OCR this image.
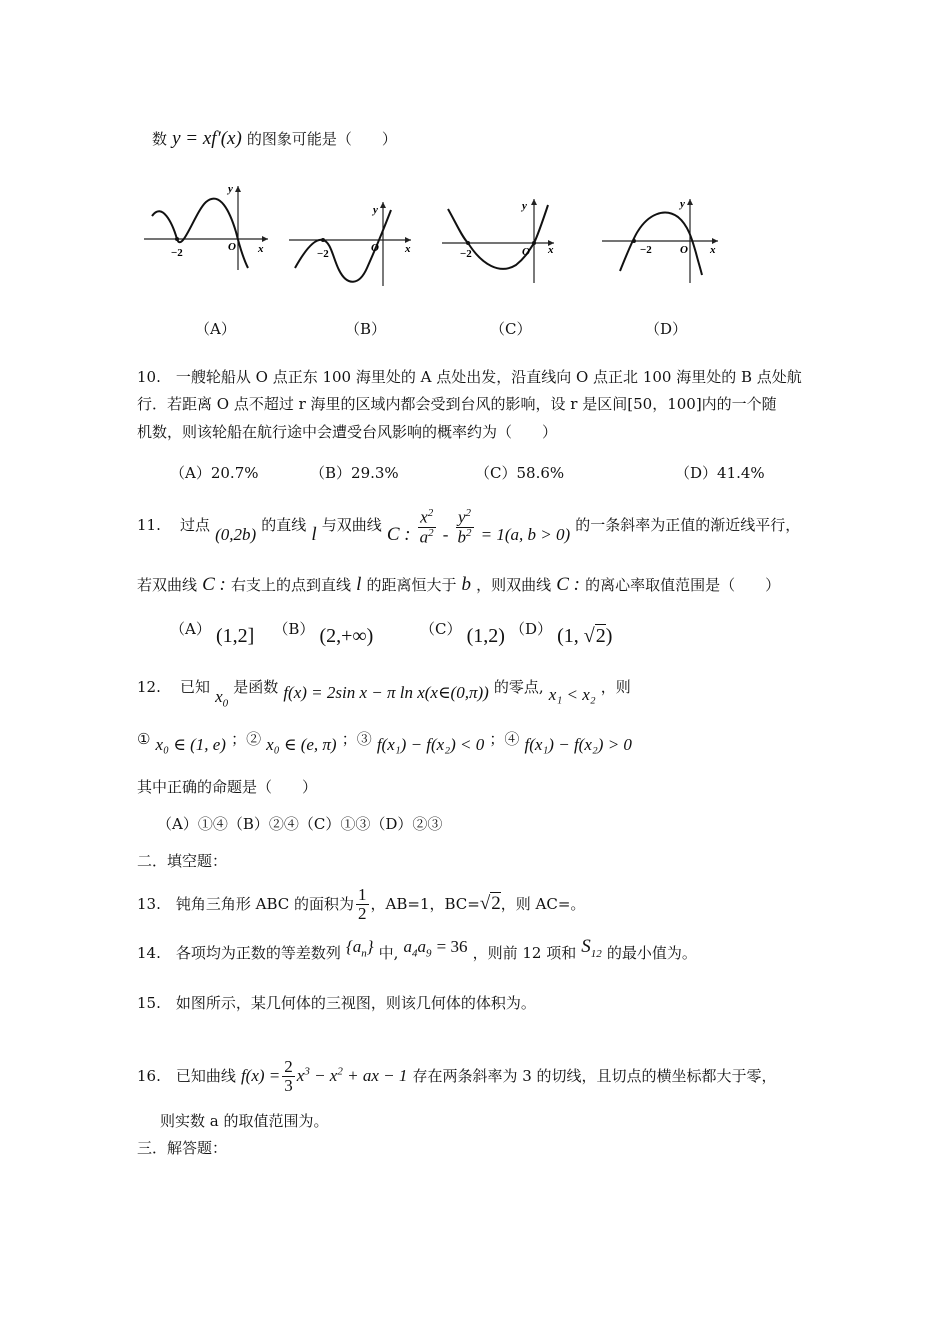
数 y = xf′(x) 的图象可能是（　　）
−2	O x
y
−2	O x
y
−2	O x
y
−2	O x
y
（A）	（B）	（C）	（D）
10.　一艘轮船从 O 点正东 100 海里处的 A 点处出发，沿直线向 O 点正北 100 海里处的 B 点处航
行．若距离 O 点不超过 r 海里的区域内都会受到台风的影响，设 r 是区间[50，100]内的一个随
机数，则该轮船在航行途中会遭受台风影响的概率约为（　　）
（A）20.7%	（B）29.3%	（C）58.6%	（D）41.4%
11. 过点 (0,2b) 的直线 l 与双曲线 C : $\frac{x^2}{a^2} - \frac{y^2}{b^2} = 1(a$, b > 0) 的一条斜率为正值的渐近线平行，
若双曲线 C : 右支上的点到直线 l 的距离恒大于 b ，则双曲线 C : 的离心率取值范围是（　　）
（A） (1,2] （B） (2,+∞)	（C） (1,2) （D） (1, √2)
12. 已知 $x_0$ 是函数 f(x) = 2sin x − π ln x(x∈(0,π)) 的零点, x₁ < x₂ ，则
① x₀ ∈ (1, e) ；② x₀ ∈ (e, π) ；③ f(x₁) − f(x₂) < 0 ；④ f(x₁) − f(x₂) > 0
其中正确的命题是（　　）
（A）①④（B）②④（C）①③（D）②③
二．填空题：
13.　钝角三角形 ABC 的面积为 $\frac{1}{2}$ ，AB=1，BC=√2，则 AC=。
14.　各项均为正数的等差数列 $\{a_n\}$ 中, $a_4a_9 = 36$ ，则前 12 项和 $S_{12}$ 的最小值为。
15.　如图所示，某几何体的三视图，则该几何体的体积为。
16.　已知曲线 $f(x) = \frac{2}{3} x^3 - x^2$ + ax − 1 存在两条斜率为 3 的切线，且切点的横坐标都大于零，
则实数 a 的取值范围为。
三．解答题：
